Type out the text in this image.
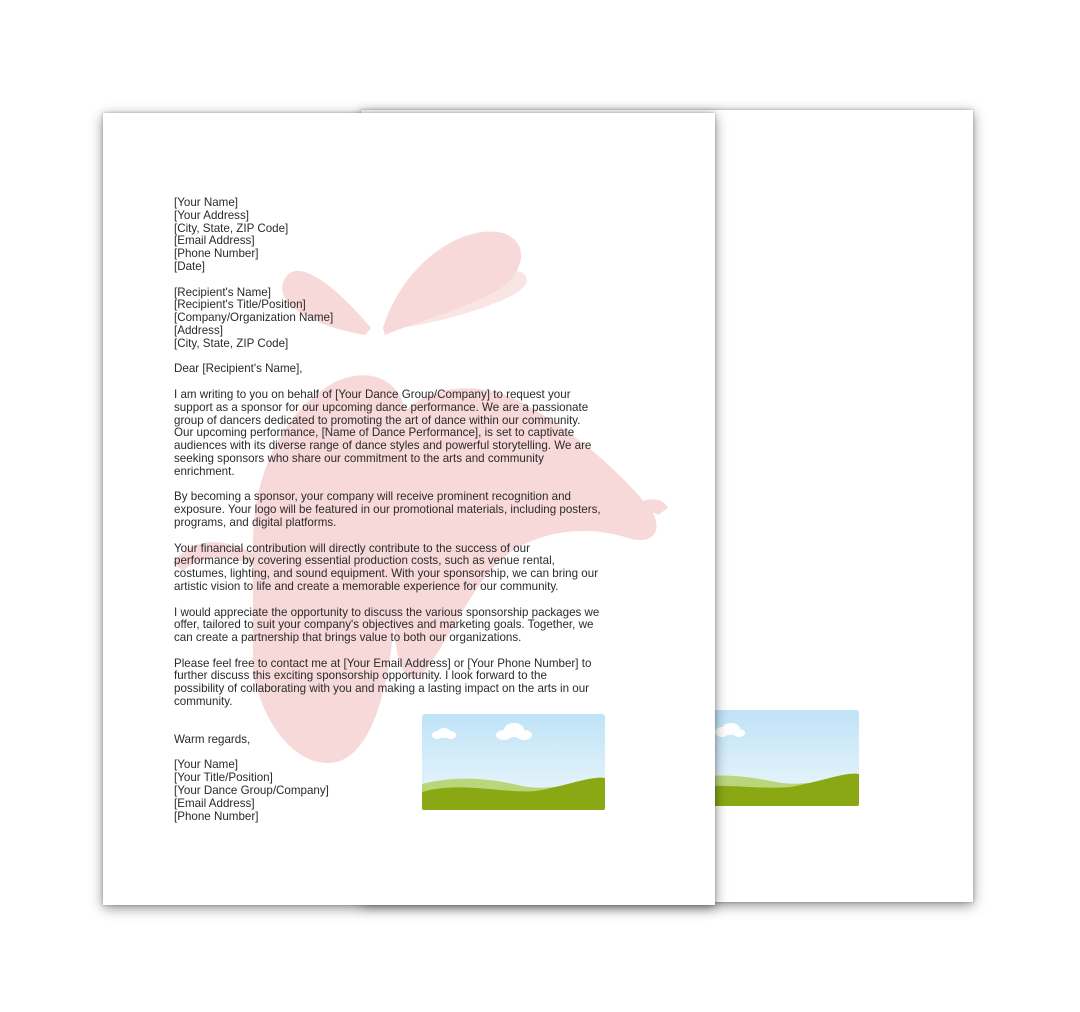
[Your Name]
[Your Address]
[City, State, ZIP Code]
[Email Address]
[Phone Number]
[Date]
[Recipient's Name]
[Recipient's Title/Position]
[Company/Organization Name]
[Address]
[City, State, ZIP Code]
Dear [Recipient's Name],
I am writing to you on behalf of [Your Dance Group/Company] to request your
support as a sponsor for our upcoming dance performance. We are a passionate
group of dancers dedicated to promoting the art of dance within our community.
Our upcoming performance, [Name of Dance Performance], is set to captivate
audiences with its diverse range of dance styles and powerful storytelling. We are
seeking sponsors who share our commitment to the arts and community
enrichment.
By becoming a sponsor, your company will receive prominent recognition and
exposure. Your logo will be featured in our promotional materials, including posters,
programs, and digital platforms.
Your financial contribution will directly contribute to the success of our
performance by covering essential production costs, such as venue rental,
costumes, lighting, and sound equipment. With your sponsorship, we can bring our
artistic vision to life and create a memorable experience for our community.
I would appreciate the opportunity to discuss the various sponsorship packages we
offer, tailored to suit your company's objectives and marketing goals. Together, we
can create a partnership that brings value to both our organizations.
Please feel free to contact me at [Your Email Address] or [Your Phone Number] to
further discuss this exciting sponsorship opportunity. I look forward to the
possibility of collaborating with you and making a lasting impact on the arts in our
community.
Warm regards,
[Your Name]
[Your Title/Position]
[Your Dance Group/Company]
[Email Address]
[Phone Number]
